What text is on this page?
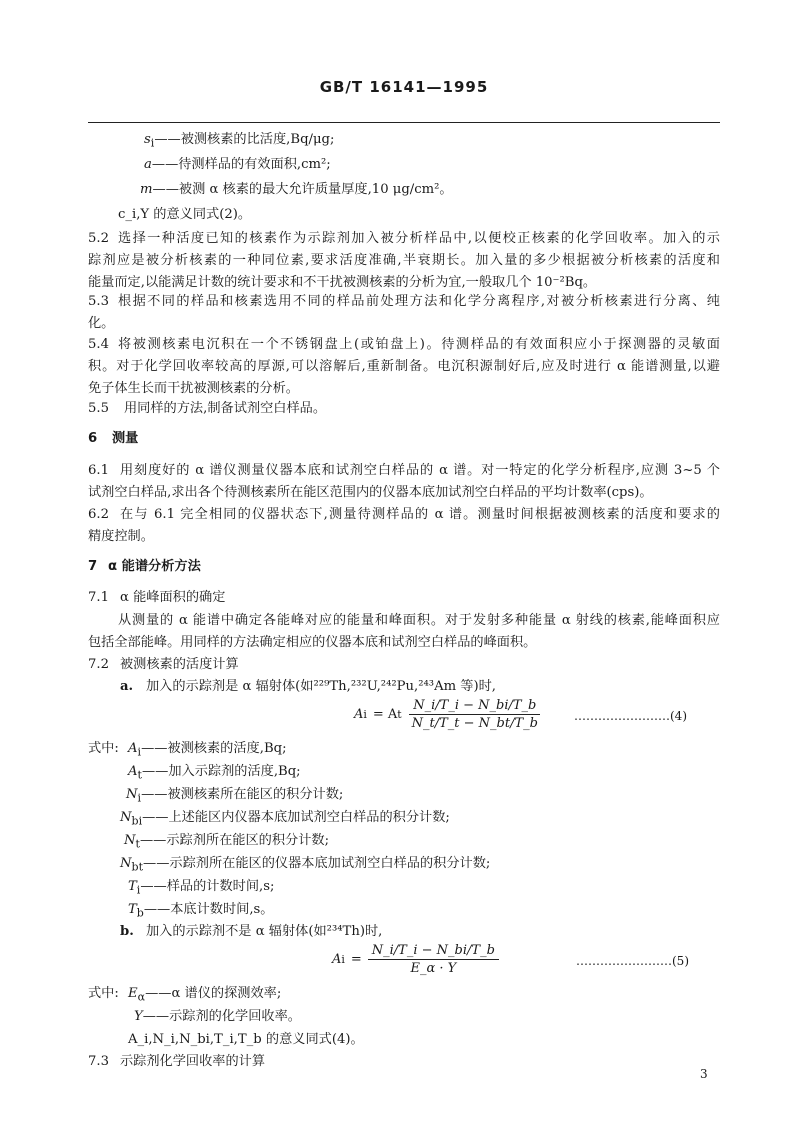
GB/T 16141—1995
$s_i——$被测核素的比活度,Bq/μg;
a——待测样品的有效面积,cm²;
m——被测 α 核素的最大允许质量厚度,10 μg/cm²。
c_i,Y 的意义同式(2)。
5.2 选择一种活度已知的核素作为示踪剂加入被分析样品中,以便校正核素的化学回收率。加入的示
踪剂应是被分析核素的一种同位素,要求活度准确,半衰期长。加入量的多少根据被分析核素的活度和
能量而定,以能满足计数的统计要求和不干扰被测核素的分析为宜,一般取几个 10⁻²Bq。
5.3 根据不同的样品和核素选用不同的样品前处理方法和化学分离程序,对被分析核素进行分离、纯
化。
5.4 将被测核素电沉积在一个不锈钢盘上(或铂盘上)。待测样品的有效面积应小于探测器的灵敏面
积。对于化学回收率较高的厚源,可以溶解后,重新制备。电沉积源制好后,应及时进行 α 能谱测量,以避
免子体生长而干扰被测核素的分析。
5.5 用同样的方法,制备试剂空白样品。
6 测量
6.1 用刻度好的 α 谱仪测量仪器本底和试剂空白样品的 α 谱。对一特定的化学分析程序,应测 3~5 个
试剂空白样品,求出各个待测核素所在能区范围内的仪器本底加试剂空白样品的平均计数率(cps)。
6.2 在与 6.1 完全相同的仪器状态下,测量待测样品的 α 谱。测量时间根据被测核素的活度和要求的
精度控制。
7 α 能谱分析方法
7.1 α 能峰面积的确定
从测量的 α 能谱中确定各能峰对应的能量和峰面积。对于发射多种能量 α 射线的核素,能峰面积应
包括全部能峰。用同样的方法确定相应的仪器本底和试剂空白样品的峰面积。
7.2 被测核素的活度计算
a. 加入的示踪剂是 α 辐射体(如²²⁹Th,²³²U,²⁴²Pu,²⁴³Am 等)时,
A i = A t $\frac{N\_i/T\_i - N\_bi/T\_b}{N\_t/T\_t - N\_bt/T\_b}$	……………………(4)
式中: $A_i——$被测核素的活度,Bq;
$A_t——$加入示踪剂的活度,Bq;
$N_i——$被测核素所在能区的积分计数;
$N_{bi}——$上述能区内仪器本底加试剂空白样品的积分计数;
$N_t——$示踪剂所在能区的积分计数;
$N_{bt}——$示踪剂所在能区的仪器本底加试剂空白样品的积分计数;
$T_i——$样品的计数时间,s;
$T_b——$本底计数时间,s。
b. 加入的示踪剂不是 α 辐射体(如²³⁴Th)时,
A $i = \frac{N\_i/T\_i - N\_bi/T\_b}{E\_\alpha \cdot Y}$	……………………(5)
式中: $E_\alpha——\alpha$ 谱仪的探测效率;
Y——示踪剂的化学回收率。
A_i,N_i,N_bi,T_i,T_b 的意义同式(4)。
7.3 示踪剂化学回收率的计算
3
